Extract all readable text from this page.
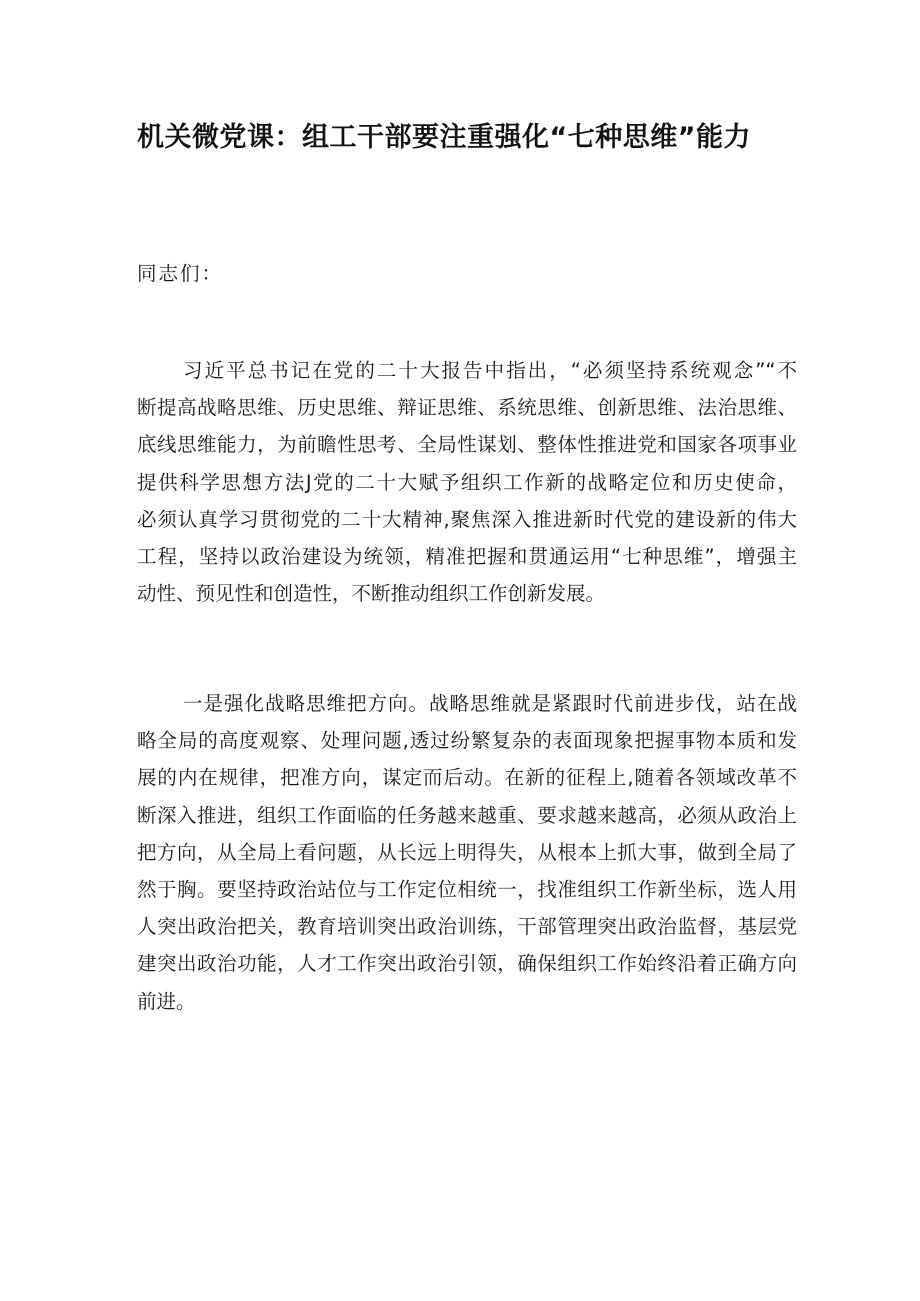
机关微党课：组工干部要注重强化“七种思维”能力
同志们：
习近平总书记在党的二十大报告中指出，“必须坚持系统观念”“不
断提高战略思维、历史思维、辩证思维、系统思维、创新思维、法治思维、
底线思维能力，为前瞻性思考、全局性谋划、整体性推进党和国家各项事业
提供科学思想方法J党的二十大赋予组织工作新的战略定位和历史使命，
必须认真学习贯彻党的二十大精神,聚焦深入推进新时代党的建设新的伟大
工程，坚持以政治建设为统领，精准把握和贯通运用“七种思维”，增强主
动性、预见性和创造性，不断推动组织工作创新发展。
一是强化战略思维把方向。战略思维就是紧跟时代前进步伐，站在战
略全局的高度观察、处理问题,透过纷繁复杂的表面现象把握事物本质和发
展的内在规律，把准方向，谋定而后动。在新的征程上,随着各领域改革不
断深入推进，组织工作面临的任务越来越重、要求越来越高，必须从政治上
把方向，从全局上看问题，从长远上明得失，从根本上抓大事，做到全局了
然于胸。要坚持政治站位与工作定位相统一，找准组织工作新坐标，选人用
人突出政治把关，教育培训突出政治训练，干部管理突出政治监督，基层党
建突出政治功能，人才工作突出政治引领，确保组织工作始终沿着正确方向
前进。
